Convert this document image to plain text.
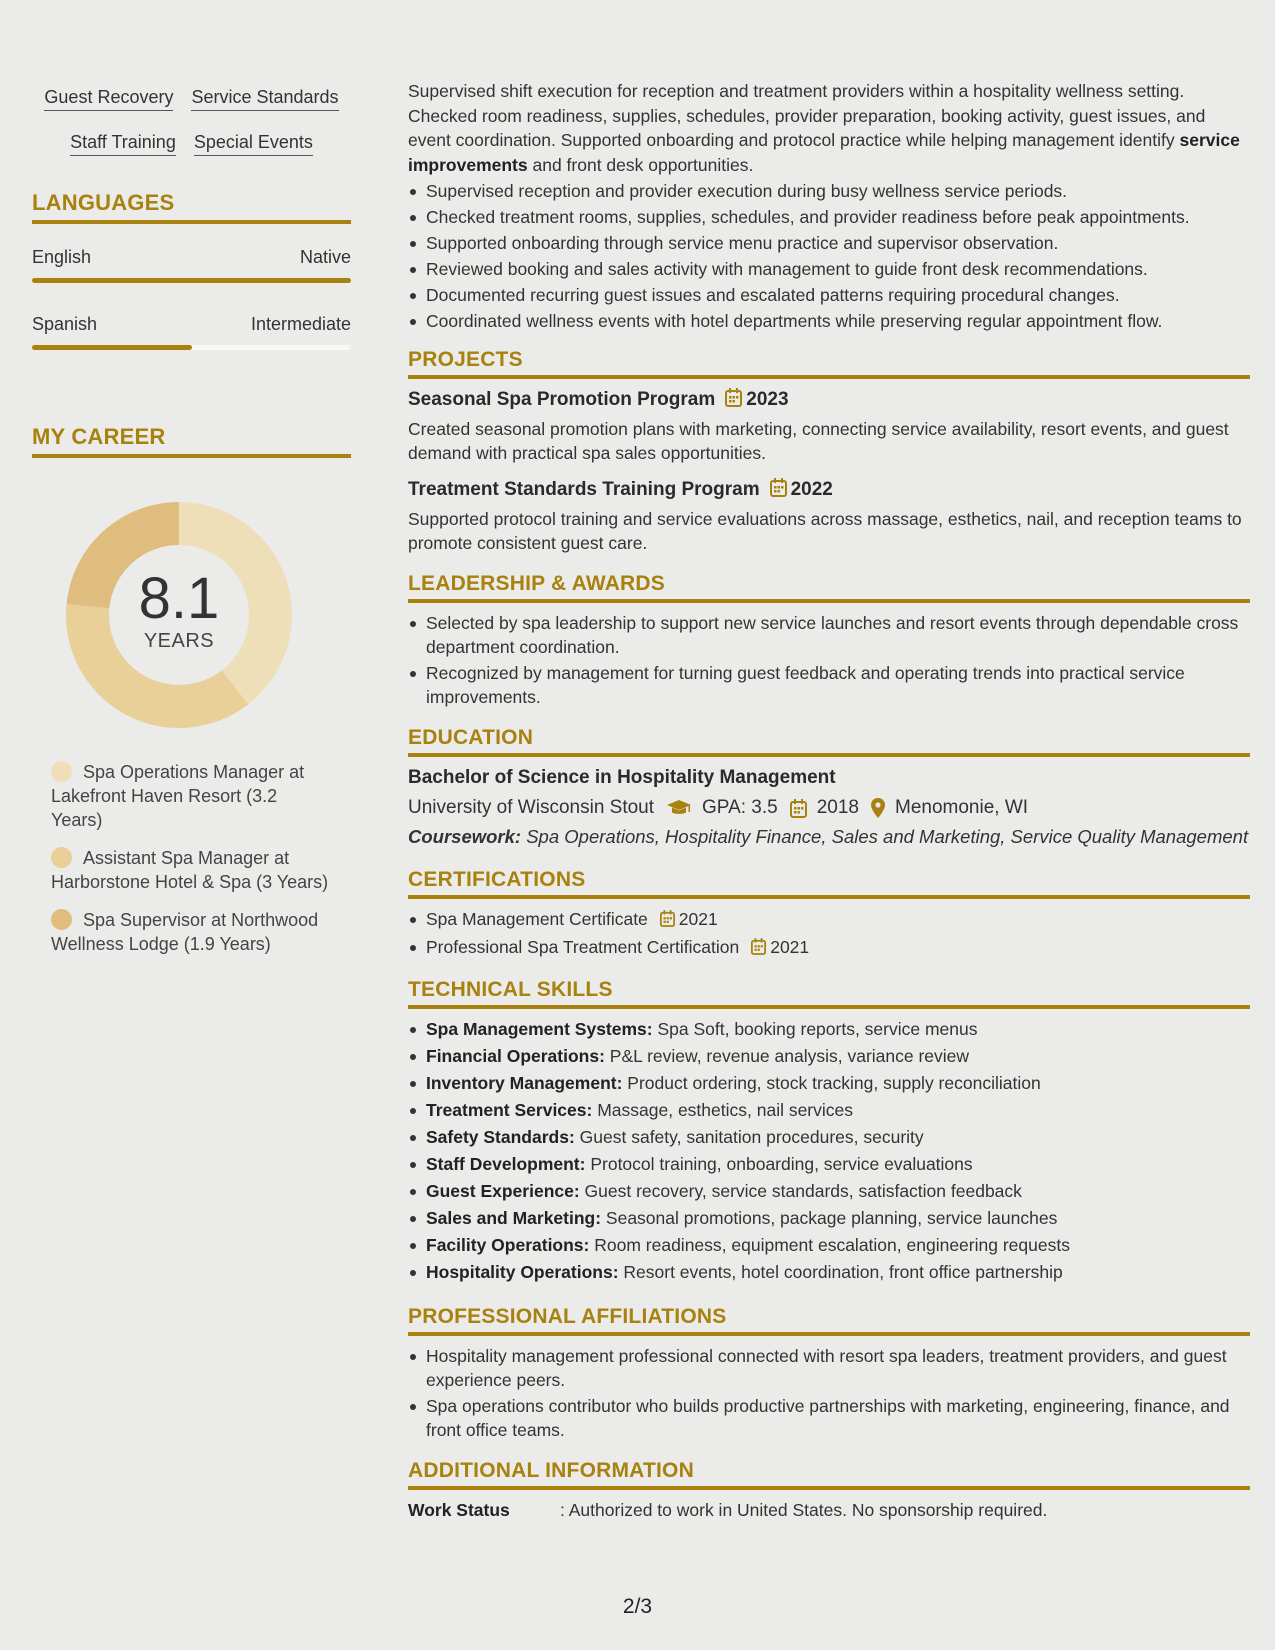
Guest Recovery Service Standards
Staff Training Special Events
LANGUAGES
English	Native
Spanish	Intermediate
MY CAREER
8.1
YEARS
Spa Operations Manager at Lakefront Haven Resort (3.2 Years)
Assistant Spa Manager at Harborstone Hotel & Spa (3 Years)
Spa Supervisor at Northwood Wellness Lodge (1.9 Years)
Supervised shift execution for reception and treatment providers within a hospitality wellness setting. Checked room readiness, supplies, schedules, provider preparation, booking activity, guest issues, and event coordination. Supported onboarding and protocol practice while helping management identify service improvements and front desk opportunities.
Supervised reception and provider execution during busy wellness service periods.
Checked treatment rooms, supplies, schedules, and provider readiness before peak appointments.
Supported onboarding through service menu practice and supervisor observation.
Reviewed booking and sales activity with management to guide front desk recommendations.
Documented recurring guest issues and escalated patterns requiring procedural changes.
Coordinated wellness events with hotel departments while preserving regular appointment flow.
PROJECTS
Seasonal Spa Promotion Program 2023
Created seasonal promotion plans with marketing, connecting service availability, resort events, and guest demand with practical spa sales opportunities.
Treatment Standards Training Program 2022
Supported protocol training and service evaluations across massage, esthetics, nail, and reception teams to promote consistent guest care.
LEADERSHIP & AWARDS
Selected by spa leadership to support new service launches and resort events through dependable cross department coordination.
Recognized by management for turning guest feedback and operating trends into practical service improvements.
EDUCATION
Bachelor of Science in Hospitality Management
University of Wisconsin Stout	GPA: 3.5 2018 Menomonie, WI
Coursework: Spa Operations, Hospitality Finance, Sales and Marketing, Service Quality Management
CERTIFICATIONS
Spa Management Certificate 2021
Professional Spa Treatment Certification 2021
TECHNICAL SKILLS
Spa Management Systems: Spa Soft, booking reports, service menus
Financial Operations: P&L review, revenue analysis, variance review
Inventory Management: Product ordering, stock tracking, supply reconciliation
Treatment Services: Massage, esthetics, nail services
Safety Standards: Guest safety, sanitation procedures, security
Staff Development: Protocol training, onboarding, service evaluations
Guest Experience: Guest recovery, service standards, satisfaction feedback
Sales and Marketing: Seasonal promotions, package planning, service launches
Facility Operations: Room readiness, equipment escalation, engineering requests
Hospitality Operations: Resort events, hotel coordination, front office partnership
PROFESSIONAL AFFILIATIONS
Hospitality management professional connected with resort spa leaders, treatment providers, and guest experience peers.
Spa operations contributor who builds productive partnerships with marketing, engineering, finance, and front office teams.
ADDITIONAL INFORMATION
Work Status	: Authorized to work in United States. No sponsorship required.
2/3
